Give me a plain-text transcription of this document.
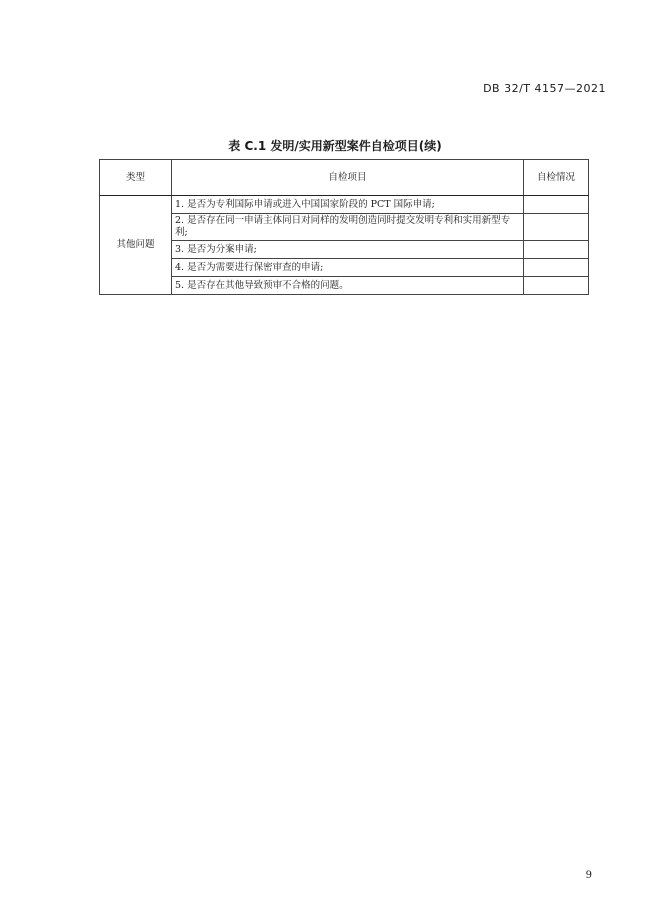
DB 32/T 4157—2021
表 C.1 发明/实用新型案件自检项目(续)
类型	自检项目	自检情况
其他问题	1. 是否为专利国际申请或进入中国国家阶段的 PCT 国际申请;	
	2. 是否存在同一申请主体同日对同样的发明创造同时提交发明专利和实用新型专利;	
	3. 是否为分案申请;	
	4. 是否为需要进行保密审查的申请;	
	5. 是否存在其他导致预审不合格的问题。	
9
